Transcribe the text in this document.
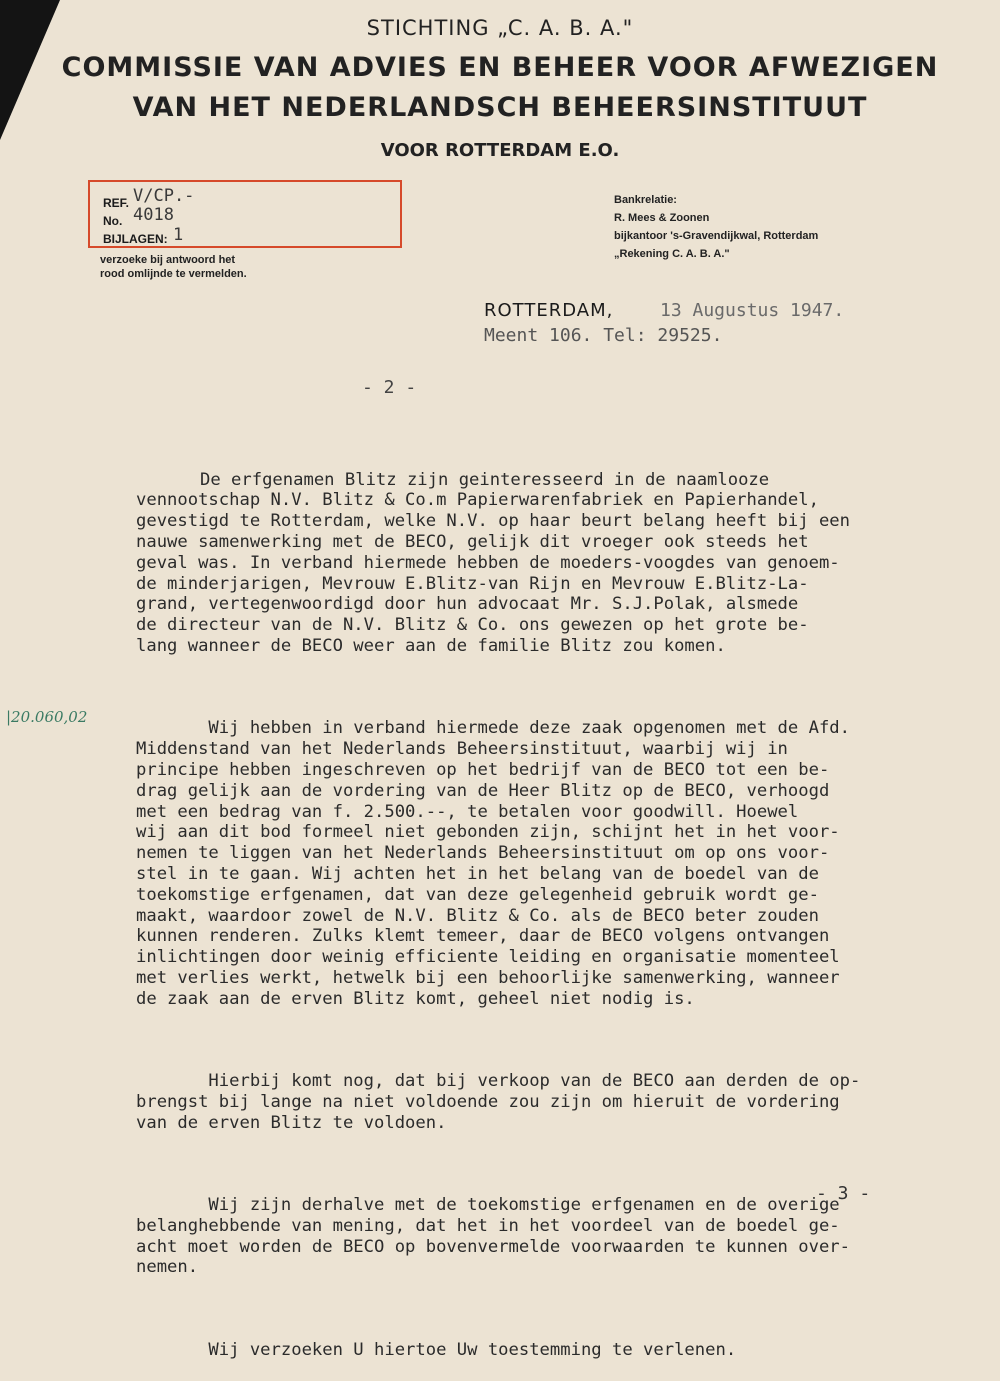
STICHTING „C. A. B. A."
COMMISSIE VAN ADVIES EN BEHEER VOOR AFWEZIGEN
VAN HET NEDERLANDSCH BEHEERSINSTITUUT
VOOR ROTTERDAM E.O.
REF. V/CP.-
No. 4018
BIJLAGEN: 1
verzoeke bij antwoord het
rood omlijnde te vermelden.
Bankrelatie:
R. Mees & Zoonen
bijkantoor 's-Gravendijkwal, Rotterdam
„Rekening C. A. B. A."
ROTTERDAM,	13 Augustus 1947.
Meent 106. Tel: 29525.
- 2 -
|20.060,02

De erfgenamen Blitz zijn geinteresseerd in de naamlooze
vennootschap N.V. Blitz & Co.m Papierwarenfabriek en Papierhandel,
gevestigd te Rotterdam, welke N.V. op haar beurt belang heeft bij een
nauwe samenwerking met de BECO, gelijk dit vroeger ook steeds het
geval was. In verband hiermede hebben de moeders-voogdes van genoem-
de minderjarigen, Mevrouw E.Blitz-van Rijn en Mevrouw E.Blitz-La-
grand, vertegenwoordigd door hun advocaat Mr. S.J.Polak, alsmede
de directeur van de N.V. Blitz & Co. ons gewezen op het grote be-
lang wanneer de BECO weer aan de familie Blitz zou komen.

Wij hebben in verband hiermede deze zaak opgenomen met de Afd.
Middenstand van het Nederlands Beheersinstituut, waarbij wij in
principe hebben ingeschreven op het bedrijf van de BECO tot een be-
drag gelijk aan de vordering van de Heer Blitz op de BECO, verhoogd
met een bedrag van f. 2.500.--, te betalen voor goodwill. Hoewel
wij aan dit bod formeel niet gebonden zijn, schijnt het in het voor-
nemen te liggen van het Nederlands Beheersinstituut om op ons voor-
stel in te gaan. Wij achten het in het belang van de boedel van de
toekomstige erfgenamen, dat van deze gelegenheid gebruik wordt ge-
maakt, waardoor zowel de N.V. Blitz & Co. als de BECO beter zouden
kunnen renderen. Zulks klemt temeer, daar de BECO volgens ontvangen
inlichtingen door weinig efficiente leiding en organisatie momenteel
met verlies werkt, hetwelk bij een behoorlijke samenwerking, wanneer
de zaak aan de erven Blitz komt, geheel niet nodig is.

Hierbij komt nog, dat bij verkoop van de BECO aan derden de op-
brengst bij lange na niet voldoende zou zijn om hieruit de vordering
van de erven Blitz te voldoen.

Wij zijn derhalve met de toekomstige erfgenamen en de overige
belanghebbende van mening, dat het in het voordeel van de boedel ge-
acht moet worden de BECO op bovenvermelde voorwaarden te kunnen over-
nemen.

Wij verzoeken U hiertoe Uw toestemming te verlenen.

- 3 -
